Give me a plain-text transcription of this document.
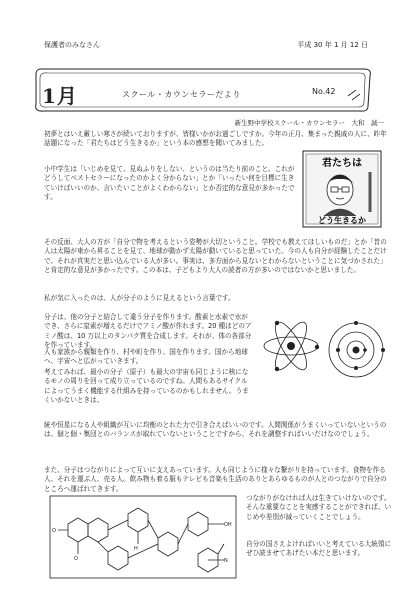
保護者のみなさん	平成 30 年 1 月 12 日
1月	スクール・カウンセラーだより	No.42
新生野中学校スクール・カウンセラー　大和　誠一

初夢とはいえ厳しい寒さが続いておりますが、皆様いかがお過ごしですか。今年の正月、集まった親戚の人に、昨年話題になった「君たちはどう生きるか」という本の感想を聞いてみました。

小中学生は「いじめを見て、見ぬふりをしない、というのは当たり前のこと。これがどうしてベストセラーになったのかよく分からない」とか「いったい何を目標に生きていけばいいのか、言いたいことがよくわからない」とか否定的な意見が多かったです。

君たちは
どう生きるか

その反面、大人の方が「自分で物を考えるという姿勢が大切ということ。学校でも教えてほしいものだ」とか「昔の人は太陽が東から昇ることを見て、地球が動かず太陽が動いていると思っていた。今の人も自分が経験したことだけで、それが真実だと思い込んでいる人が多い。事実は、多方面から見ないとわからないということに気づかされた」と肯定的な意見が多かったです。この本は、子どもより大人の読者の方が多いのではないかと思いました。

私が気に入ったのは、人が分子のように見えるという言葉です。

分子は、他の分子と結合して違う分子を作ります。酸素と水素で水ができ、さらに窒素が増えるだけでアミノ酸が作れます。20 種ほどのアミノ酸は、10 万以上のタンパク質を合成します。それが、体の各部分を作っています。

人も家族から親類を作り、村や町を作り、国を作ります。国から地球へ、宇宙へと広がっていきます。

考えてみれば、最小の分子（原子）も最大の宇宙も同じように核になるモノの周りを回って成り立っているのですね。人間もあるサイクルによってうまく機能する仕組みを持っているのかもしれません。うまくいかないときは、

統や恒星になる人や組織が互いに均衡のとれた力で引き合えばいいのです。人間関係がうまくいっていないというのは、個と個・集団とのバランスが取れていないということですから、それを調整すればいいだけなのでしょう。

また、分子はつながりによって互いに支えあっています。人も同じように様々な繋がりを持っています。食物を作る人、それを運ぶ人、売る人。飲み物も着る服もテレビも音楽も生活のありとあらゆるものが人とのつながりで自分のところへ運ばれてきます。

O
OH
N
H
O

つながりがなければ人は生きていけないのです。そんな重要なことを実感することができれば、いじめや差別が減っていくことでしょう。

自分の国さえよければいいと考えている大統領にぜひ読ませてあげたい本だと思います。
